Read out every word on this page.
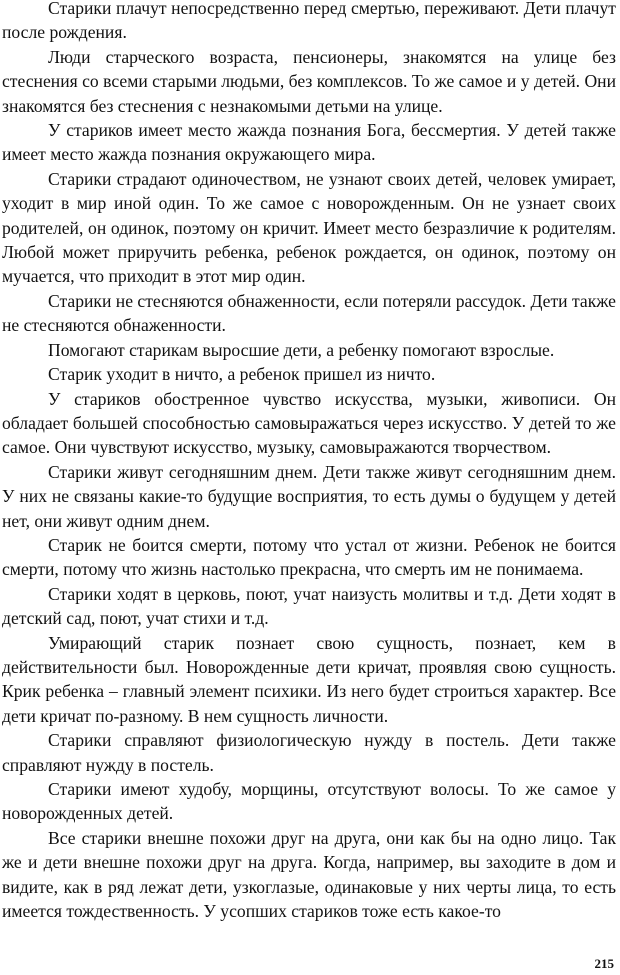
Старики плачут непосредственно перед смертью, переживают. Дети плачут после рождения.

Люди старческого возраста, пенсионеры, знакомятся на улице без стеснения со всеми старыми людьми, без комплексов. То же самое и у детей. Они знакомятся без стеснения с незнакомыми детьми на улице.

У стариков имеет место жажда познания Бога, бессмертия. У детей также имеет место жажда познания окружающего мира.

Старики страдают одиночеством, не узнают своих детей, человек умирает, уходит в мир иной один. То же самое с новорожденным. Он не узнает своих родителей, он одинок, поэтому он кричит. Имеет место безразличие к родителям. Любой может приручить ребенка, ребенок рождается, он одинок, поэтому он мучается, что приходит в этот мир один.

Старики не стесняются обнаженности, если потеряли рассудок. Дети также не стесняются обнаженности.

Помогают старикам выросшие дети, а ребенку помогают взрослые.

Старик уходит в ничто, а ребенок пришел из ничто.

У стариков обостренное чувство искусства, музыки, живописи. Он обладает большей способностью самовыражаться через искусство. У детей то же самое. Они чувствуют искусство, музыку, самовыражаются творчеством.

Старики живут сегодняшним днем. Дети также живут сегодняшним днем. У них не связаны какие-то будущие восприятия, то есть думы о будущем у детей нет, они живут одним днем.

Старик не боится смерти, потому что устал от жизни. Ребенок не боится смерти, потому что жизнь настолько прекрасна, что смерть им не понимаема.

Старики ходят в церковь, поют, учат наизусть молитвы и т.д. Дети ходят в детский сад, поют, учат стихи и т.д.

Умирающий старик познает свою сущность, познает, кем в действительности был. Новорожденные дети кричат, проявляя свою сущность. Крик ребенка – главный элемент психики. Из него будет строиться характер. Все дети кричат по-разному. В нем сущность личности.

Старики справляют физиологическую нужду в постель. Дети также справляют нужду в постель.

Старики имеют худобу, морщины, отсутствуют волосы. То же самое у новорожденных детей.

Все старики внешне похожи друг на друга, они как бы на одно лицо. Так же и дети внешне похожи друг на друга. Когда, например, вы заходите в дом и видите, как в ряд лежат дети, узкоглазые, одинаковые у них черты лица, то есть имеется тождественность. У усопших стариков тоже есть какое-то

215
